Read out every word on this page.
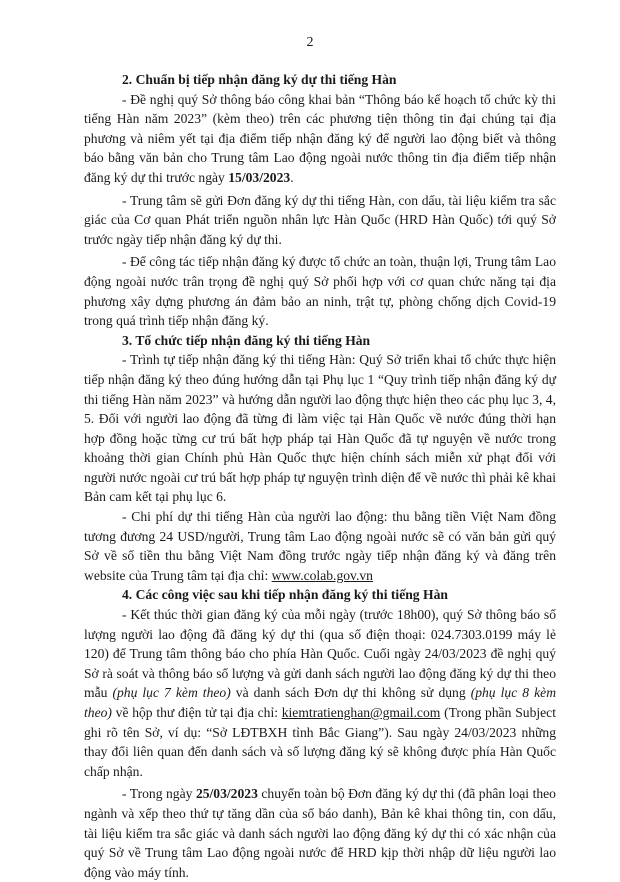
2

2. Chuẩn bị tiếp nhận đăng ký dự thi tiếng Hàn

- Đề nghị quý Sở thông báo công khai bản “Thông báo kế hoạch tổ chức kỳ thi tiếng Hàn năm 2023” (kèm theo) trên các phương tiện thông tin đại chúng tại địa phương và niêm yết tại địa điểm tiếp nhận đăng ký để người lao động biết và thông báo bằng văn bản cho Trung tâm Lao động ngoài nước thông tin địa điểm tiếp nhận đăng ký dự thi trước ngày 15/03/2023.

- Trung tâm sẽ gửi Đơn đăng ký dự thi tiếng Hàn, con dấu, tài liệu kiểm tra sắc giác của Cơ quan Phát triển nguồn nhân lực Hàn Quốc (HRD Hàn Quốc) tới quý Sở trước ngày tiếp nhận đăng ký dự thi.

- Để công tác tiếp nhận đăng ký được tổ chức an toàn, thuận lợi, Trung tâm Lao động ngoài nước trân trọng đề nghị quý Sở phối hợp với cơ quan chức năng tại địa phương xây dựng phương án đảm bảo an ninh, trật tự, phòng chống dịch Covid-19 trong quá trình tiếp nhận đăng ký.

3. Tổ chức tiếp nhận đăng ký thi tiếng Hàn

- Trình tự tiếp nhận đăng ký thi tiếng Hàn: Quý Sở triển khai tổ chức thực hiện tiếp nhận đăng ký theo đúng hướng dẫn tại Phụ lục 1 “Quy trình tiếp nhận đăng ký dự thi tiếng Hàn năm 2023” và hướng dẫn người lao động thực hiện theo các phụ lục 3, 4, 5. Đối với người lao động đã từng đi làm việc tại Hàn Quốc về nước đúng thời hạn hợp đồng hoặc từng cư trú bất hợp pháp tại Hàn Quốc đã tự nguyện về nước trong khoảng thời gian Chính phủ Hàn Quốc thực hiện chính sách miễn xử phạt đối với người nước ngoài cư trú bất hợp pháp tự nguyện trình diện để về nước thì phải kê khai Bản cam kết tại phụ lục 6.

- Chi phí dự thi tiếng Hàn của người lao động: thu bằng tiền Việt Nam đồng tương đương 24 USD/người, Trung tâm Lao động ngoài nước sẽ có văn bản gửi quý Sở về số tiền thu bằng Việt Nam đồng trước ngày tiếp nhận đăng ký và đăng trên website của Trung tâm tại địa chỉ: www.colab.gov.vn

4. Các công việc sau khi tiếp nhận đăng ký thi tiếng Hàn

- Kết thúc thời gian đăng ký của mỗi ngày (trước 18h00), quý Sở thông báo số lượng người lao động đã đăng ký dự thi (qua số điện thoại: 024.7303.0199 máy lẻ 120) để Trung tâm thông báo cho phía Hàn Quốc. Cuối ngày 24/03/2023 đề nghị quý Sở rà soát và thông báo số lượng và gửi danh sách người lao động đăng ký dự thi theo mẫu (phụ lục 7 kèm theo) và danh sách Đơn dự thi không sử dụng (phụ lục 8 kèm theo) về hộp thư điện tử tại địa chỉ: kiemtratienghan@gmail.com (Trong phần Subject ghi rõ tên Sở, ví dụ: “Sở LĐTBXH tỉnh Bắc Giang”). Sau ngày 24/03/2023 những thay đổi liên quan đến danh sách và số lượng đăng ký sẽ không được phía Hàn Quốc chấp nhận.

- Trong ngày 25/03/2023 chuyển toàn bộ Đơn đăng ký dự thi (đã phân loại theo ngành và xếp theo thứ tự tăng dần của số báo danh), Bản kê khai thông tin, con dấu, tài liệu kiểm tra sắc giác và danh sách người lao động đăng ký dự thi có xác nhận của quý Sở về Trung tâm Lao động ngoài nước để HRD kịp thời nhập dữ liệu người lao động vào máy tính.
